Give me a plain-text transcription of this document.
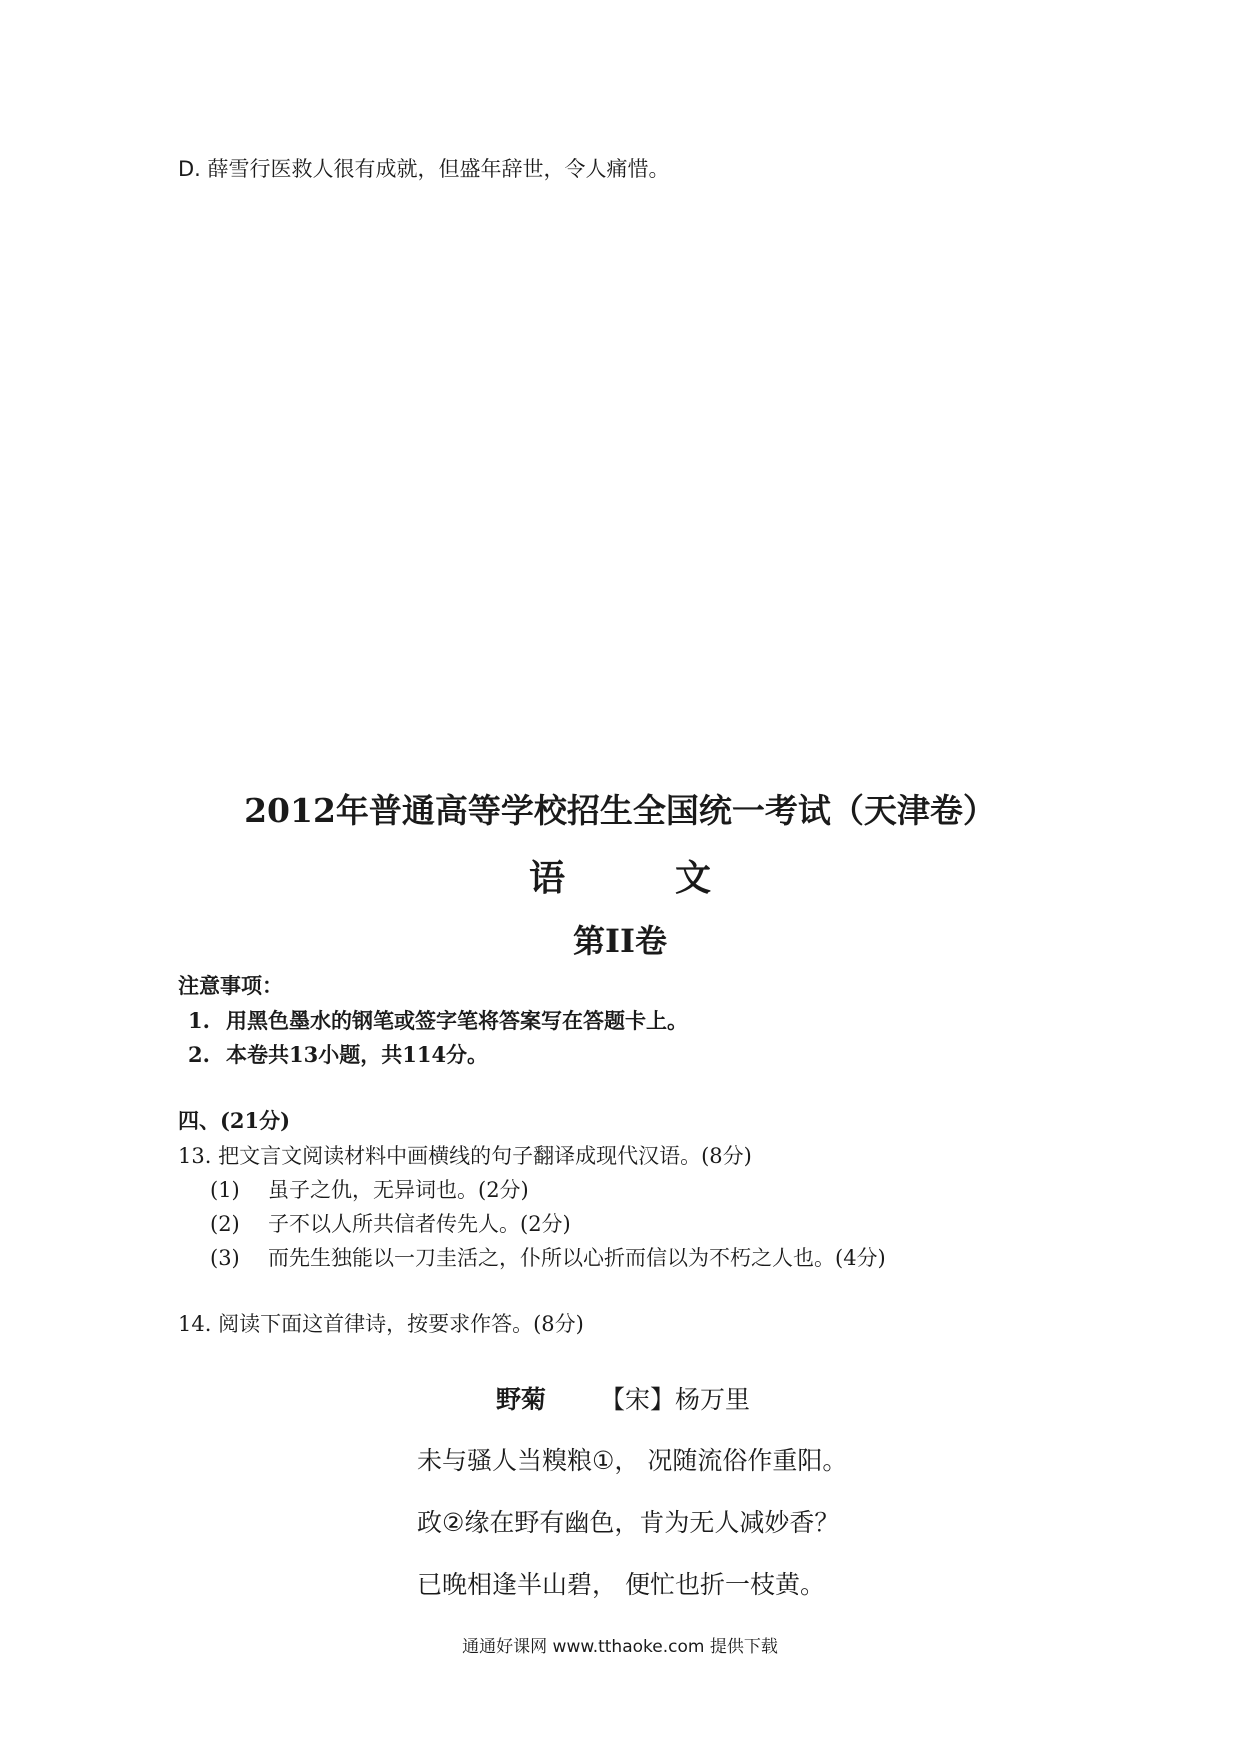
D. 薛雪行医救人很有成就，但盛年辞世，令人痛惜。
2012年普通高等学校招生全国统一考试（天津卷）
语文
第II卷
注意事项：
1. 用黑色墨水的钢笔或签字笔将答案写在答题卡上。
2. 本卷共13小题，共114分。
四、(21分)
13. 把文言文阅读材料中画横线的句子翻译成现代汉语。(8分)
(1) 虽子之仇，无异词也。(2分)
(2) 子不以人所共信者传先人。(2分)
(3) 而先生独能以一刀圭活之，仆所以心折而信以为不朽之人也。(4分)
14. 阅读下面这首律诗，按要求作答。(8分)
野菊 【宋】杨万里
未与骚人当糗粮①， 况随流俗作重阳。
政②缘在野有幽色，肯为无人减妙香？
已晚相逢半山碧， 便忙也折一枝黄。
通通好课网 www.tthaoke.com 提供下载
